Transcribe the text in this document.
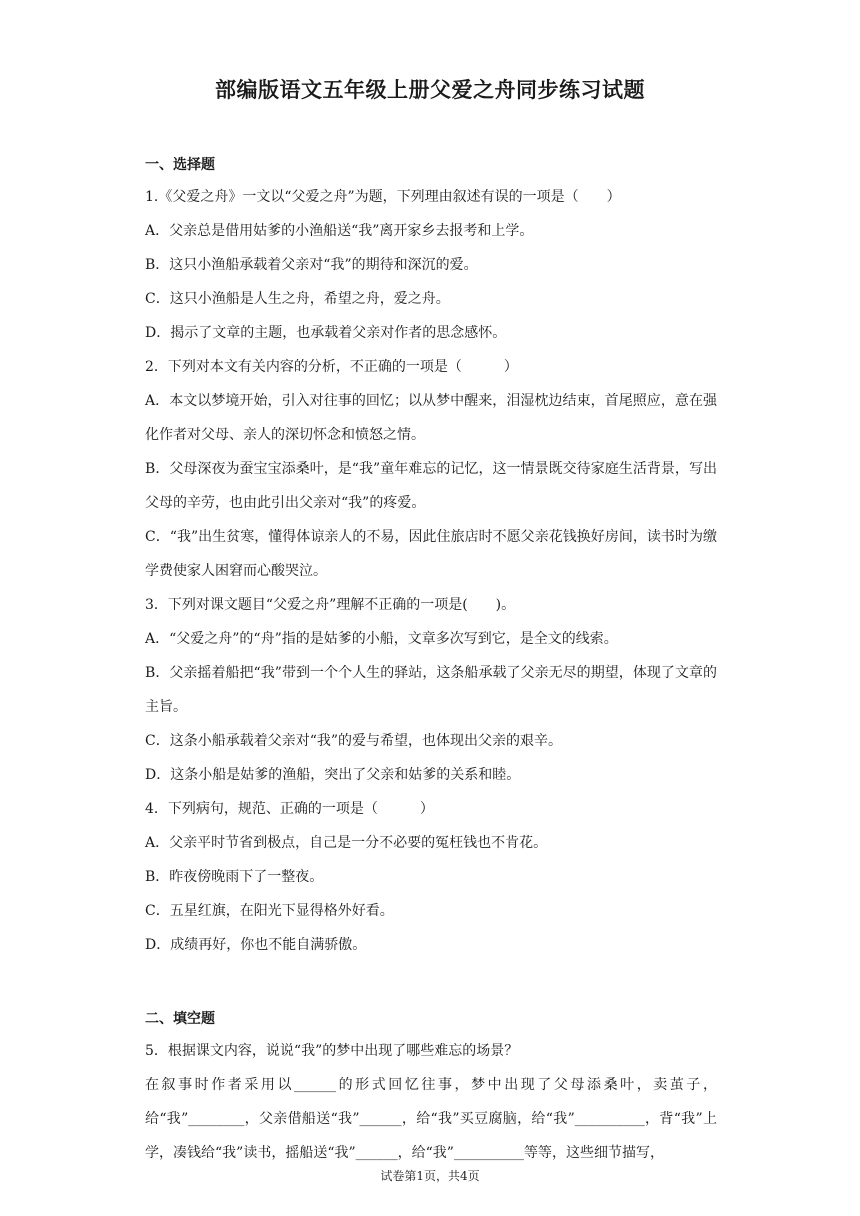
部编版语文五年级上册父爱之舟同步练习试题
一、选择题
1.《父爱之舟》一文以“父爱之舟”为题，下列理由叙述有误的一项是（　　）
A．父亲总是借用姑爹的小渔船送“我”离开家乡去报考和上学。
B．这只小渔船承载着父亲对“我”的期待和深沉的爱。
C．这只小渔船是人生之舟，希望之舟，爱之舟。
D．揭示了文章的主题，也承载着父亲对作者的思念感怀。
2．下列对本文有关内容的分析，不正确的一项是（　　　）
A．本文以梦境开始，引入对往事的回忆；以从梦中醒来，泪湿枕边结束，首尾照应，意在强化作者对父母、亲人的深切怀念和愤怒之情。
B．父母深夜为蚕宝宝添桑叶，是“我”童年难忘的记忆，这一情景既交待家庭生活背景，写出父母的辛劳，也由此引出父亲对“我”的疼爱。
C．“我”出生贫寒，懂得体谅亲人的不易，因此住旅店时不愿父亲花钱换好房间，读书时为缴学费使家人困窘而心酸哭泣。
3．下列对课文题目“父爱之舟”理解不正确的一项是(　　)。
A．“父爱之舟”的“舟”指的是姑爹的小船，文章多次写到它，是全文的线索。
B．父亲摇着船把“我”带到一个个人生的驿站，这条船承载了父亲无尽的期望，体现了文章的主旨。
C．这条小船承载着父亲对“我”的爱与希望，也体现出父亲的艰辛。
D．这条小船是姑爹的渔船，突出了父亲和姑爹的关系和睦。
4．下列病句，规范、正确的一项是（　　　）
A．父亲平时节省到极点，自己是一分不必要的冤枉钱也不肯花。
B．昨夜傍晚雨下了一整夜。
C．五星红旗，在阳光下显得格外好看。
D．成绩再好，你也不能自满骄傲。
二、填空题
5．根据课文内容，说说“我”的梦中出现了哪些难忘的场景？
在叙事时作者采用以______的形式回忆往事，梦中出现了父母添桑叶，卖茧子，给“我”________，父亲借船送“我”______，给“我”买豆腐脑，给“我”__________，背“我”上学，凑钱给“我”读书，摇船送“我”______，给“我”__________等等，这些细节描写，
试卷第1页，共4页
